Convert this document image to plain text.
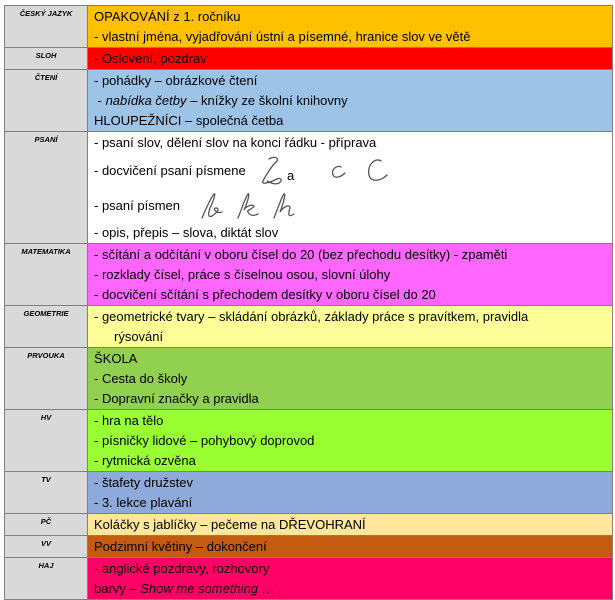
ČESKÝ JAZYK	OPAKOVÁNÍ z 1. ročníku
- vlastní jména, vyjadřování ústní a písemné, hranice slov ve větě

SLOH	- Oslovení, pozdrav

ČTENÍ	- pohádky – obrázkové čtení
- nabídka četby – knížky ze školní knihovny
HLOUPEŽNÍCI – společná četba

PSANÍ	- psaní slov, dělení slov na konci řádku - příprava
- docvičení psaní písmene a
- psaní písmen
- opis, přepis – slova, diktát slov

MATEMATIKA	- sčítání a odčítání v oboru čísel do 20 (bez přechodu desítky) - zpaměti
- rozklady čísel, práce s číselnou osou, slovní úlohy
- docvičení sčítání s přechodem desítky v oboru čísel do 20

GEOMETRIE	- geometrické tvary – skládání obrázků, základy práce s pravítkem, pravidla
rýsování

PRVOUKA	ŠKOLA
- Cesta do školy
- Dopravní značky a pravidla

HV	- hra na tělo
- písničky lidové – pohybový doprovod
- rytmická ozvěna

TV	- štafety družstev
- 3. lekce plavání

PČ	Koláčky s jablíčky – pečeme na DŘEVOHRANÍ

VV	Podzimní květiny – dokončení

HAJ	- anglické pozdravy, rozhovory
barvy – Show me something …
